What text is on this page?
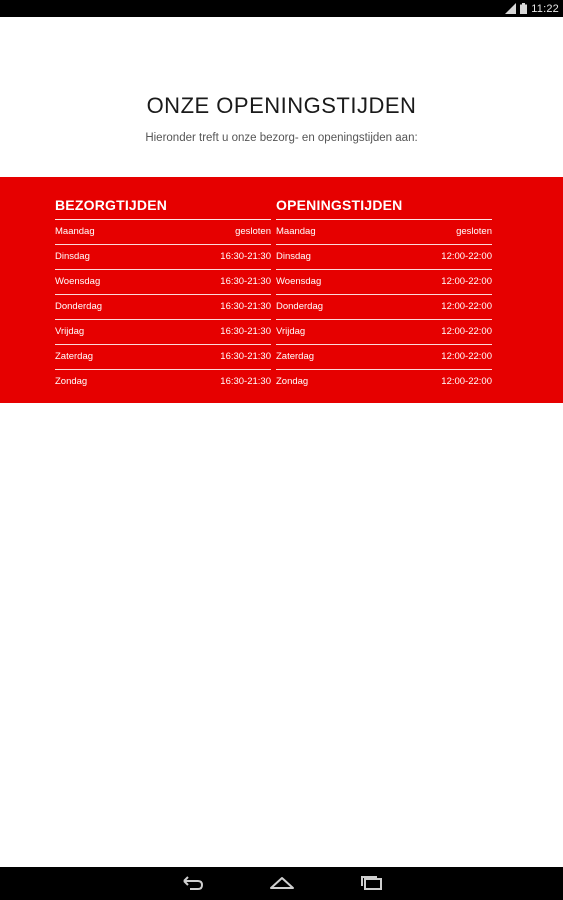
11:22
ONZE OPENINGSTIJDEN
Hieronder treft u onze bezorg- en openingstijden aan:
BEZORGTIJDEN
Maandag	gesloten
Dinsdag	16:30-21:30
Woensdag	16:30-21:30
Donderdag	16:30-21:30
Vrijdag	16:30-21:30
Zaterdag	16:30-21:30
Zondag	16:30-21:30
OPENINGSTIJDEN
Maandag	gesloten
Dinsdag	12:00-22:00
Woensdag	12:00-22:00
Donderdag	12:00-22:00
Vrijdag	12:00-22:00
Zaterdag	12:00-22:00
Zondag	12:00-22:00
